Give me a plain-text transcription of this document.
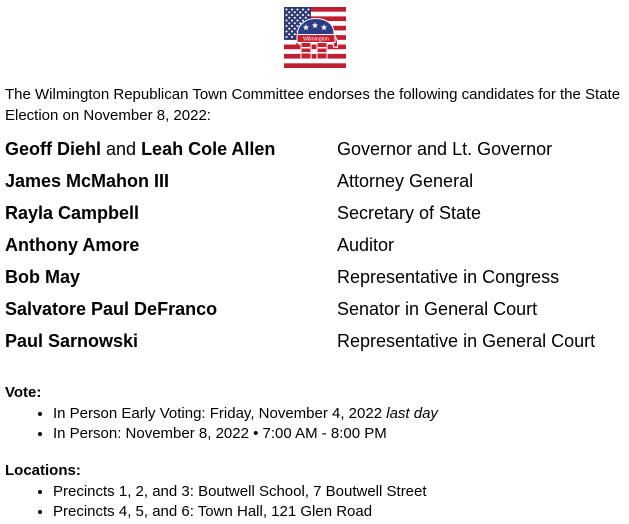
Wilmington

The Wilmington Republican Town Committee endorses the following candidates for the State Election on November 8, 2022:

Geoff Diehl and Leah Cole Allen	Governor and Lt. Governor
James McMahon III	Attorney General
Rayla Campbell	Secretary of State
Anthony Amore	Auditor
Bob May	Representative in Congress
Salvatore Paul DeFranco	Senator in General Court
Paul Sarnowski	Representative in General Court
Vote:
• In Person Early Voting: Friday, November 4, 2022 last day
• In Person: November 8, 2022 • 7:00 AM - 8:00 PM
Locations:
• Precincts 1, 2, and 3: Boutwell School, 7 Boutwell Street
• Precincts 4, 5, and 6: Town Hall, 121 Glen Road
